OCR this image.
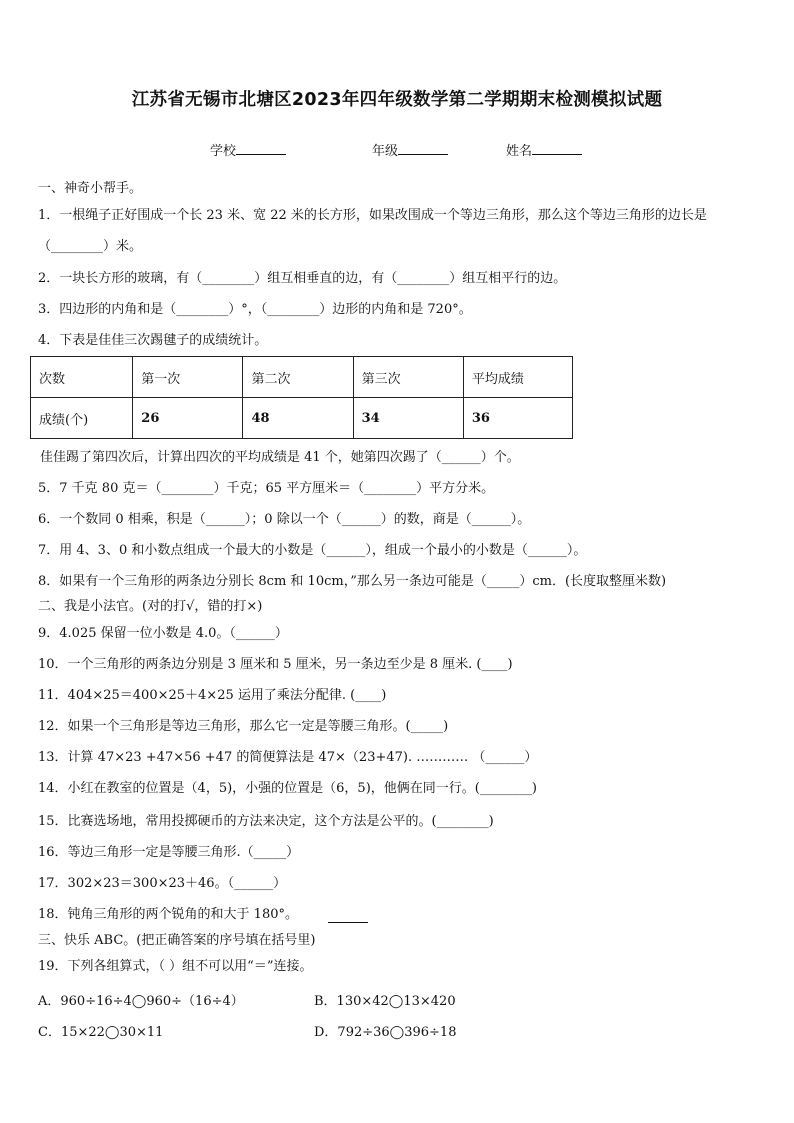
江苏省无锡市北塘区2023年四年级数学第二学期期末检测模拟试题
学校	年级	姓名
一、神奇小帮手。
1．一根绳子正好围成一个长 23 米、宽 22 米的长方形，如果改围成一个等边三角形，那么这个等边三角形的边长是
（________）米。
2．一块长方形的玻璃，有（________）组互相垂直的边，有（________）组互相平行的边。
3．四边形的内角和是（________）°，（________）边形的内角和是 720°。
4．下表是佳佳三次踢毽子的成绩统计。
次数	第一次	第二次	第三次	平均成绩
成绩(个)	26	48	34	36
佳佳踢了第四次后，计算出四次的平均成绩是 41 个，她第四次踢了（______）个。
5．7 千克 80 克＝（________）千克；65 平方厘米＝（________）平方分米。
6．一个数同 0 相乘，积是（______）；0 除以一个（______）的数，商是（______）。
7．用 4、3、0 和小数点组成一个最大的小数是（______），组成一个最小的小数是（______）。
8．如果有一个三角形的两条边分别长 8cm 和 10cm，”那么另一条边可能是（_____）cm．(长度取整厘米数)
二、我是小法官。(对的打√，错的打×)
9．4.025 保留一位小数是 4.0。（______）
10．一个三角形的两条边分别是 3 厘米和 5 厘米，另一条边至少是 8 厘米. (____)
11．404×25＝400×25＋4×25 运用了乘法分配律. (____)
12．如果一个三角形是等边三角形，那么它一定是等腰三角形。(_____)
13．计算 47×23 +47×56 +47 的简便算法是 47×（23+47). ………… （______）
14．小红在教室的位置是（4，5)，小强的位置是（6，5)，他俩在同一行。(________)
15．比赛选场地，常用投掷硬币的方法来决定，这个方法是公平的。(________)
16．等边三角形一定是等腰三角形.（_____）
17．302×23＝300×23＋46。（______）
18．钝角三角形的两个锐角的和大于 180°。
三、快乐 ABC。(把正确答案的序号填在括号里)
19．下列各组算式，（ ）组不可以用“＝”连接。
A．960÷16÷4◯960÷（16÷4）	B．130×42◯13×420
C．15×22◯30×11	D．792÷36◯396÷18
